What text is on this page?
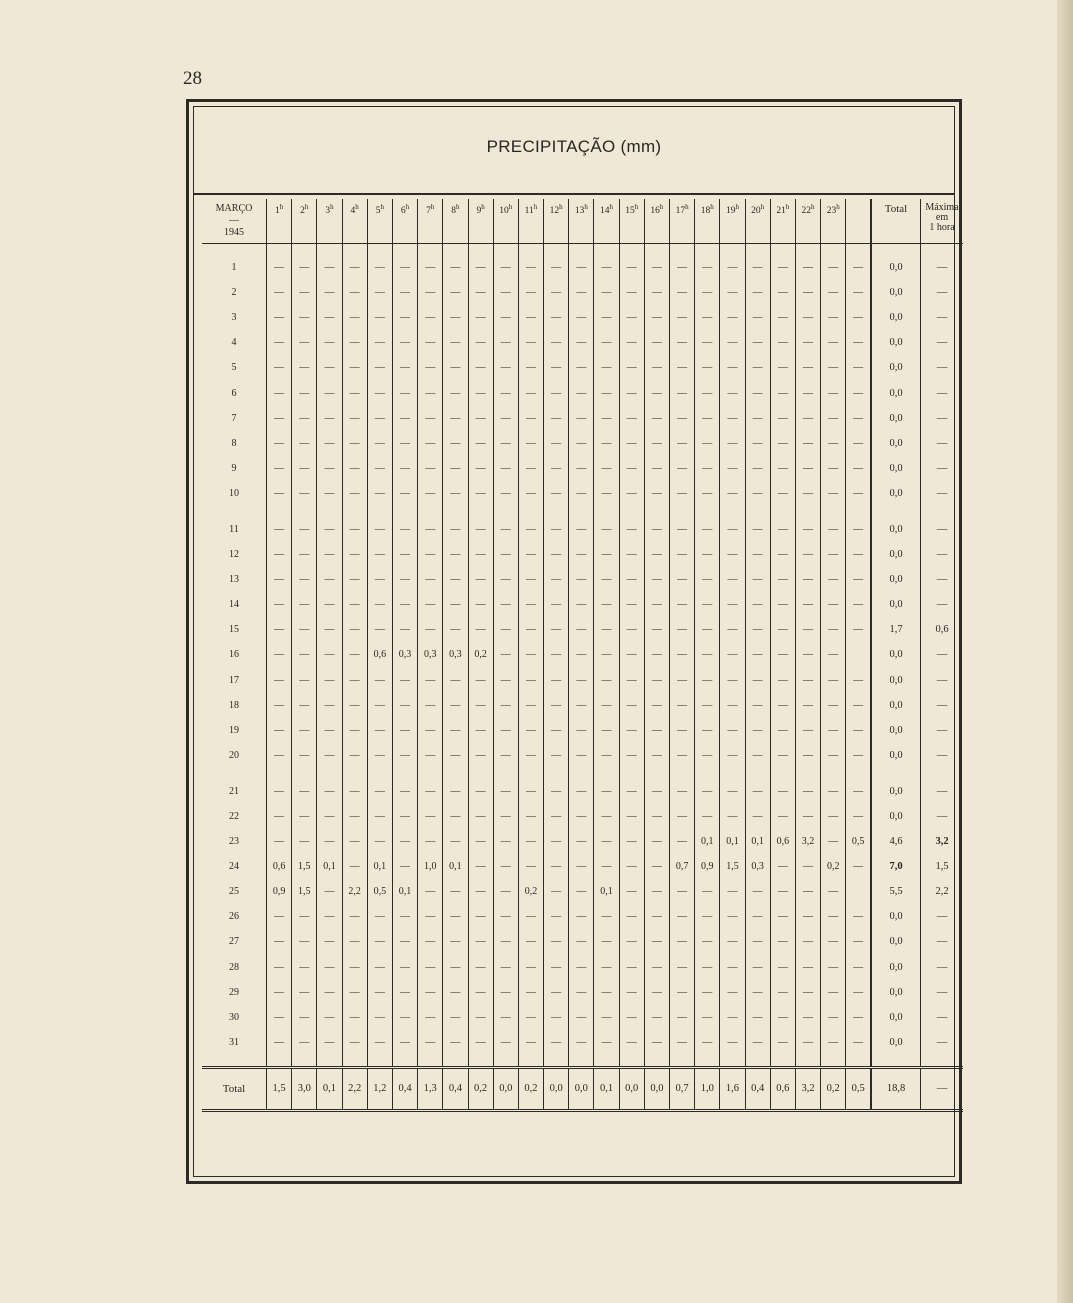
28
PRECIPITAÇÃO (mm)
MARÇO
—
1945	1$^h$	2$^h$	3$^h$	4$^h$	5$^h$	6$^h$	7$^h$	8$^h$	9$^h$	10$^h$	11$^h$	12$^h$	13$^h$	14$^h$	15$^h$	16$^h$	17$^h$	18$^h$	19$^h$	20$^h$	21$^h$	22$^h$	23$^h$		Total	Máxima
em
1 hora

1	—	—	—	—	—	—	—	—	—	—	—	—	—	—	—	—	—	—	—	—	—	—	—	—	0,0	—
2	—	—	—	—	—	—	—	—	—	—	—	—	—	—	—	—	—	—	—	—	—	—	—	—	0,0	—
3	—	—	—	—	—	—	—	—	—	—	—	—	—	—	—	—	—	—	—	—	—	—	—	—	0,0	—
4	—	—	—	—	—	—	—	—	—	—	—	—	—	—	—	—	—	—	—	—	—	—	—	—	0,0	—
5	—	—	—	—	—	—	—	—	—	—	—	—	—	—	—	—	—	—	—	—	—	—	—	—	0,0	—
6	—	—	—	—	—	—	—	—	—	—	—	—	—	—	—	—	—	—	—	—	—	—	—	—	0,0	—
7	—	—	—	—	—	—	—	—	—	—	—	—	—	—	—	—	—	—	—	—	—	—	—	—	0,0	—
8	—	—	—	—	—	—	—	—	—	—	—	—	—	—	—	—	—	—	—	—	—	—	—	—	0,0	—
9	—	—	—	—	—	—	—	—	—	—	—	—	—	—	—	—	—	—	—	—	—	—	—	—	0,0	—
10	—	—	—	—	—	—	—	—	—	—	—	—	—	—	—	—	—	—	—	—	—	—	—	—	0,0	—

11	—	—	—	—	—	—	—	—	—	—	—	—	—	—	—	—	—	—	—	—	—	—	—	—	0,0	—
12	—	—	—	—	—	—	—	—	—	—	—	—	—	—	—	—	—	—	—	—	—	—	—	—	0,0	—
13	—	—	—	—	—	—	—	—	—	—	—	—	—	—	—	—	—	—	—	—	—	—	—	—	0,0	—
14	—	—	—	—	—	—	—	—	—	—	—	—	—	—	—	—	—	—	—	—	—	—	—	—	0,0	—
15	—	—	—	—	—	—	—	—	—	—	—	—	—	—	—	—	—	—	—	—	—	—	—	—	1,7	0,6
16	—	—	—	—	0,6	0,3	0,3	0,3	0,2	—	—	—	—	—	—	—	—	—	—	—	—	—	—		0,0	—
17	—	—	—	—	—	—	—	—	—	—	—	—	—	—	—	—	—	—	—	—	—	—	—	—	0,0	—
18	—	—	—	—	—	—	—	—	—	—	—	—	—	—	—	—	—	—	—	—	—	—	—	—	0,0	—
19	—	—	—	—	—	—	—	—	—	—	—	—	—	—	—	—	—	—	—	—	—	—	—	—	0,0	—
20	—	—	—	—	—	—	—	—	—	—	—	—	—	—	—	—	—	—	—	—	—	—	—	—	0,0	—

21	—	—	—	—	—	—	—	—	—	—	—	—	—	—	—	—	—	—	—	—	—	—	—	—	0,0	—
22	—	—	—	—	—	—	—	—	—	—	—	—	—	—	—	—	—	—	—	—	—	—	—	—	0,0	—
23	—	—	—	—	—	—	—	—	—	—	—	—	—	—	—	—	—	0,1	0,1	0,1	0,6	3,2	—	0,5	4,6	3,2
24	0,6	1,5	0,1	—	0,1	—	1,0	0,1	—	—	—	—	—	—	—	—	0,7	0,9	1,5	0,3	—	—	0,2	—	7,0	1,5
25	0,9	1,5	—	2,2	0,5	0,1	—	—	—	—	0,2	—	—	0,1	—	—	—	—	—	—	—	—	—		5,5	2,2
26	—	—	—	—	—	—	—	—	—	—	—	—	—	—	—	—	—	—	—	—	—	—	—	—	0,0	—
27	—	—	—	—	—	—	—	—	—	—	—	—	—	—	—	—	—	—	—	—	—	—	—	—	0,0	—
28	—	—	—	—	—	—	—	—	—	—	—	—	—	—	—	—	—	—	—	—	—	—	—	—	0,0	—
29	—	—	—	—	—	—	—	—	—	—	—	—	—	—	—	—	—	—	—	—	—	—	—	—	0,0	—
30	—	—	—	—	—	—	—	—	—	—	—	—	—	—	—	—	—	—	—	—	—	—	—	—	0,0	—
31	—	—	—	—	—	—	—	—	—	—	—	—	—	—	—	—	—	—	—	—	—	—	—	—	0,0	—

Total	1,5	3,0	0,1	2,2	1,2	0,4	1,3	0,4	0,2	0,0	0,2	0,0	0,0	0,1	0,0	0,0	0,7	1,0	1,6	0,4	0,6	3,2	0,2	0,5	18,8	—
